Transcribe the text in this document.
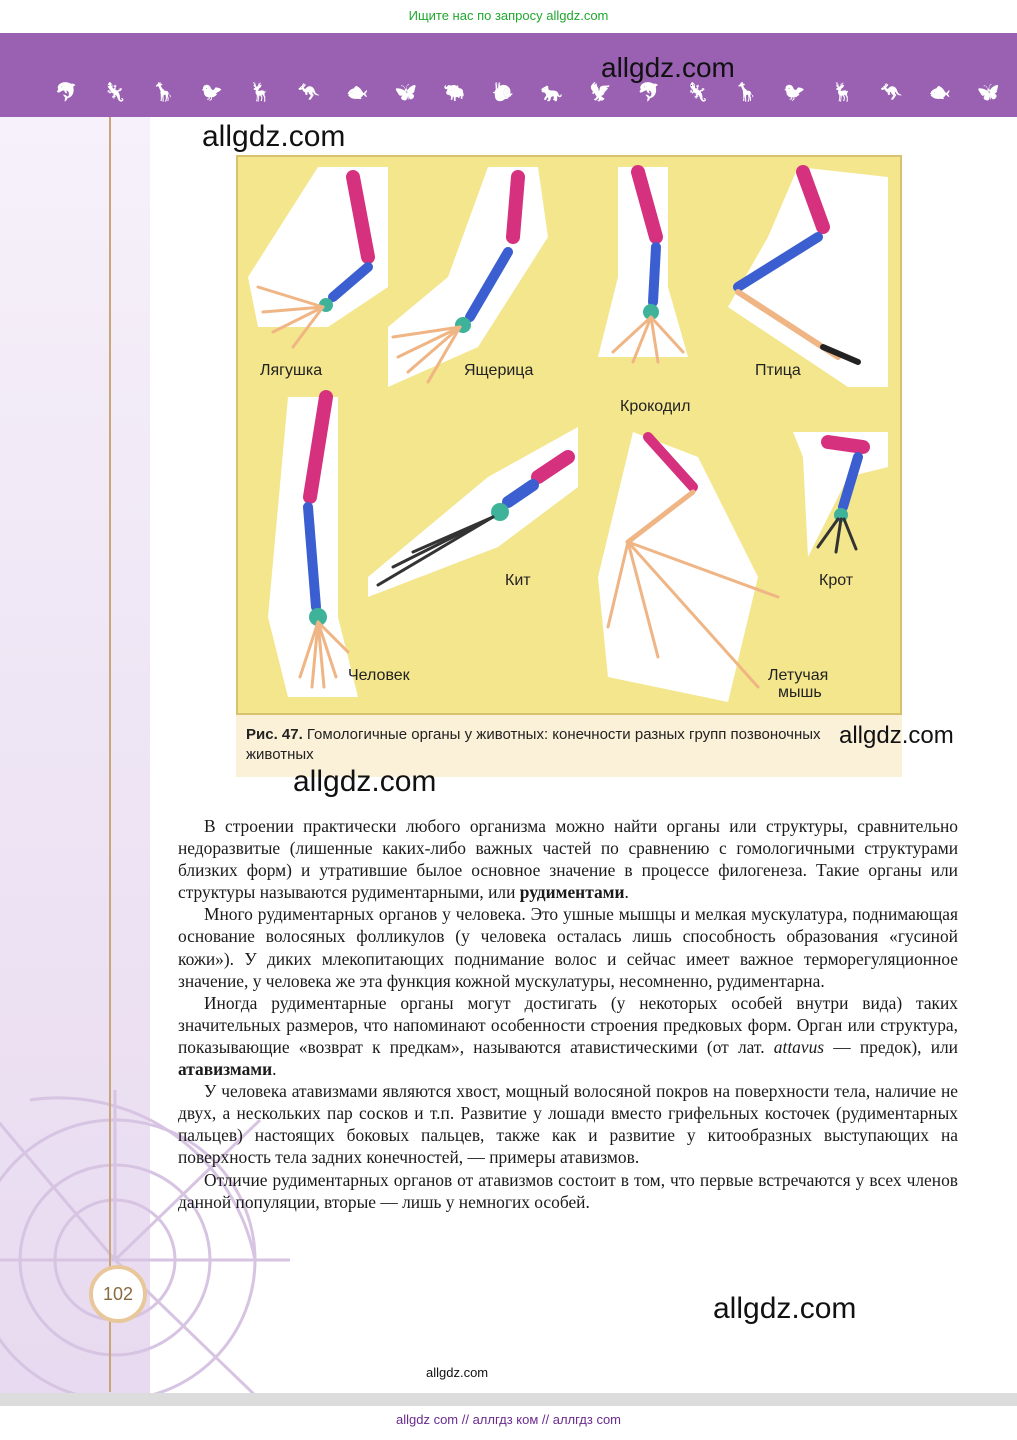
Ищите нас по запросу allgdz.com
allgdz.com
🐬 🦎 🦒 🐦 🦌 🦘 🐟 🦋 🐃 🐌 🐆 🦅 🐬 🦎 🦒 🐦 🦌 🦘 🐟 🦋
allgdz.com
Лягушка	Ящерица
Крокодил
Птица
Человек
Кит	Крот
Летучая
мышь
Рис. 47. Гомологичные органы у животных: конечности разных групп позвоночных животных
allgdz.com
allgdz.com

В строении практически любого организма можно найти органы или структуры, сравнительно недоразвитые (лишенные каких-либо важных частей по сравнению с гомологичными структурами близких форм) и утратившие былое основное значение в процессе филогенеза. Такие органы или структуры называются рудиментарными, или рудиментами.

Много рудиментарных органов у человека. Это ушные мышцы и мелкая мускулатура, поднимающая основание волосяных фолликулов (у человека осталась лишь способность образования «гусиной кожи»). У диких млекопитающих поднимание волос и сейчас имеет важное терморегуляционное значение, у человека же эта функция кожной мускулатуры, несомненно, рудиментарна.

Иногда рудиментарные органы могут достигать (у некоторых особей внутри вида) таких значительных размеров, что напоминают особенности строения предковых форм. Орган или структура, показывающие «возврат к предкам», называются атавистическими (от лат. attavus — предок), или атавизмами.

У человека атавизмами являются хвост, мощный волосяной покров на поверхности тела, наличие не двух, а нескольких пар сосков и т.п. Развитие у лошади вместо грифельных косточек (рудиментарных пальцев) настоящих боковых пальцев, также как и развитие у китообразных выступающих на поверхность тела задних конечностей, — примеры атавизмов.

Отличие рудиментарных органов от атавизмов состоит в том, что первые встречаются у всех членов данной популяции, вторые — лишь у немногих особей.

102	allgdz.com
allgdz.com
allgdz com // аллгдз ком // аллгдз com
